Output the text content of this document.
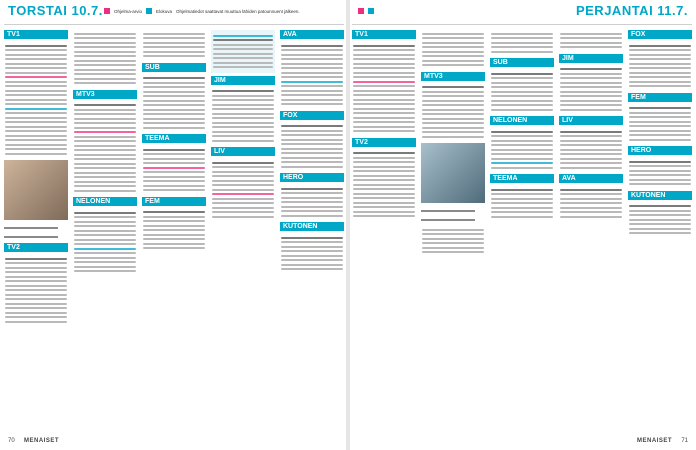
TORSTAI 10.7. Ohjelma-arvio	Elokuva Ohjelmatiedot saattavat muuttua lähiden patounnuent jälkeen.
TV1
TV2
MTV3
NELONEN
SUB
TEEMA
FEM
JIM
LIV
AVA
FOX
HERO
KUTONEN
70 MENAISET
PERJANTAI 11.7.
TV1
TV2
MTV3
SUB
NELONEN
TEEMA
JIM
LIV
AVA
FOX
FEM
HERO
KUTONEN
MENAISET 71
